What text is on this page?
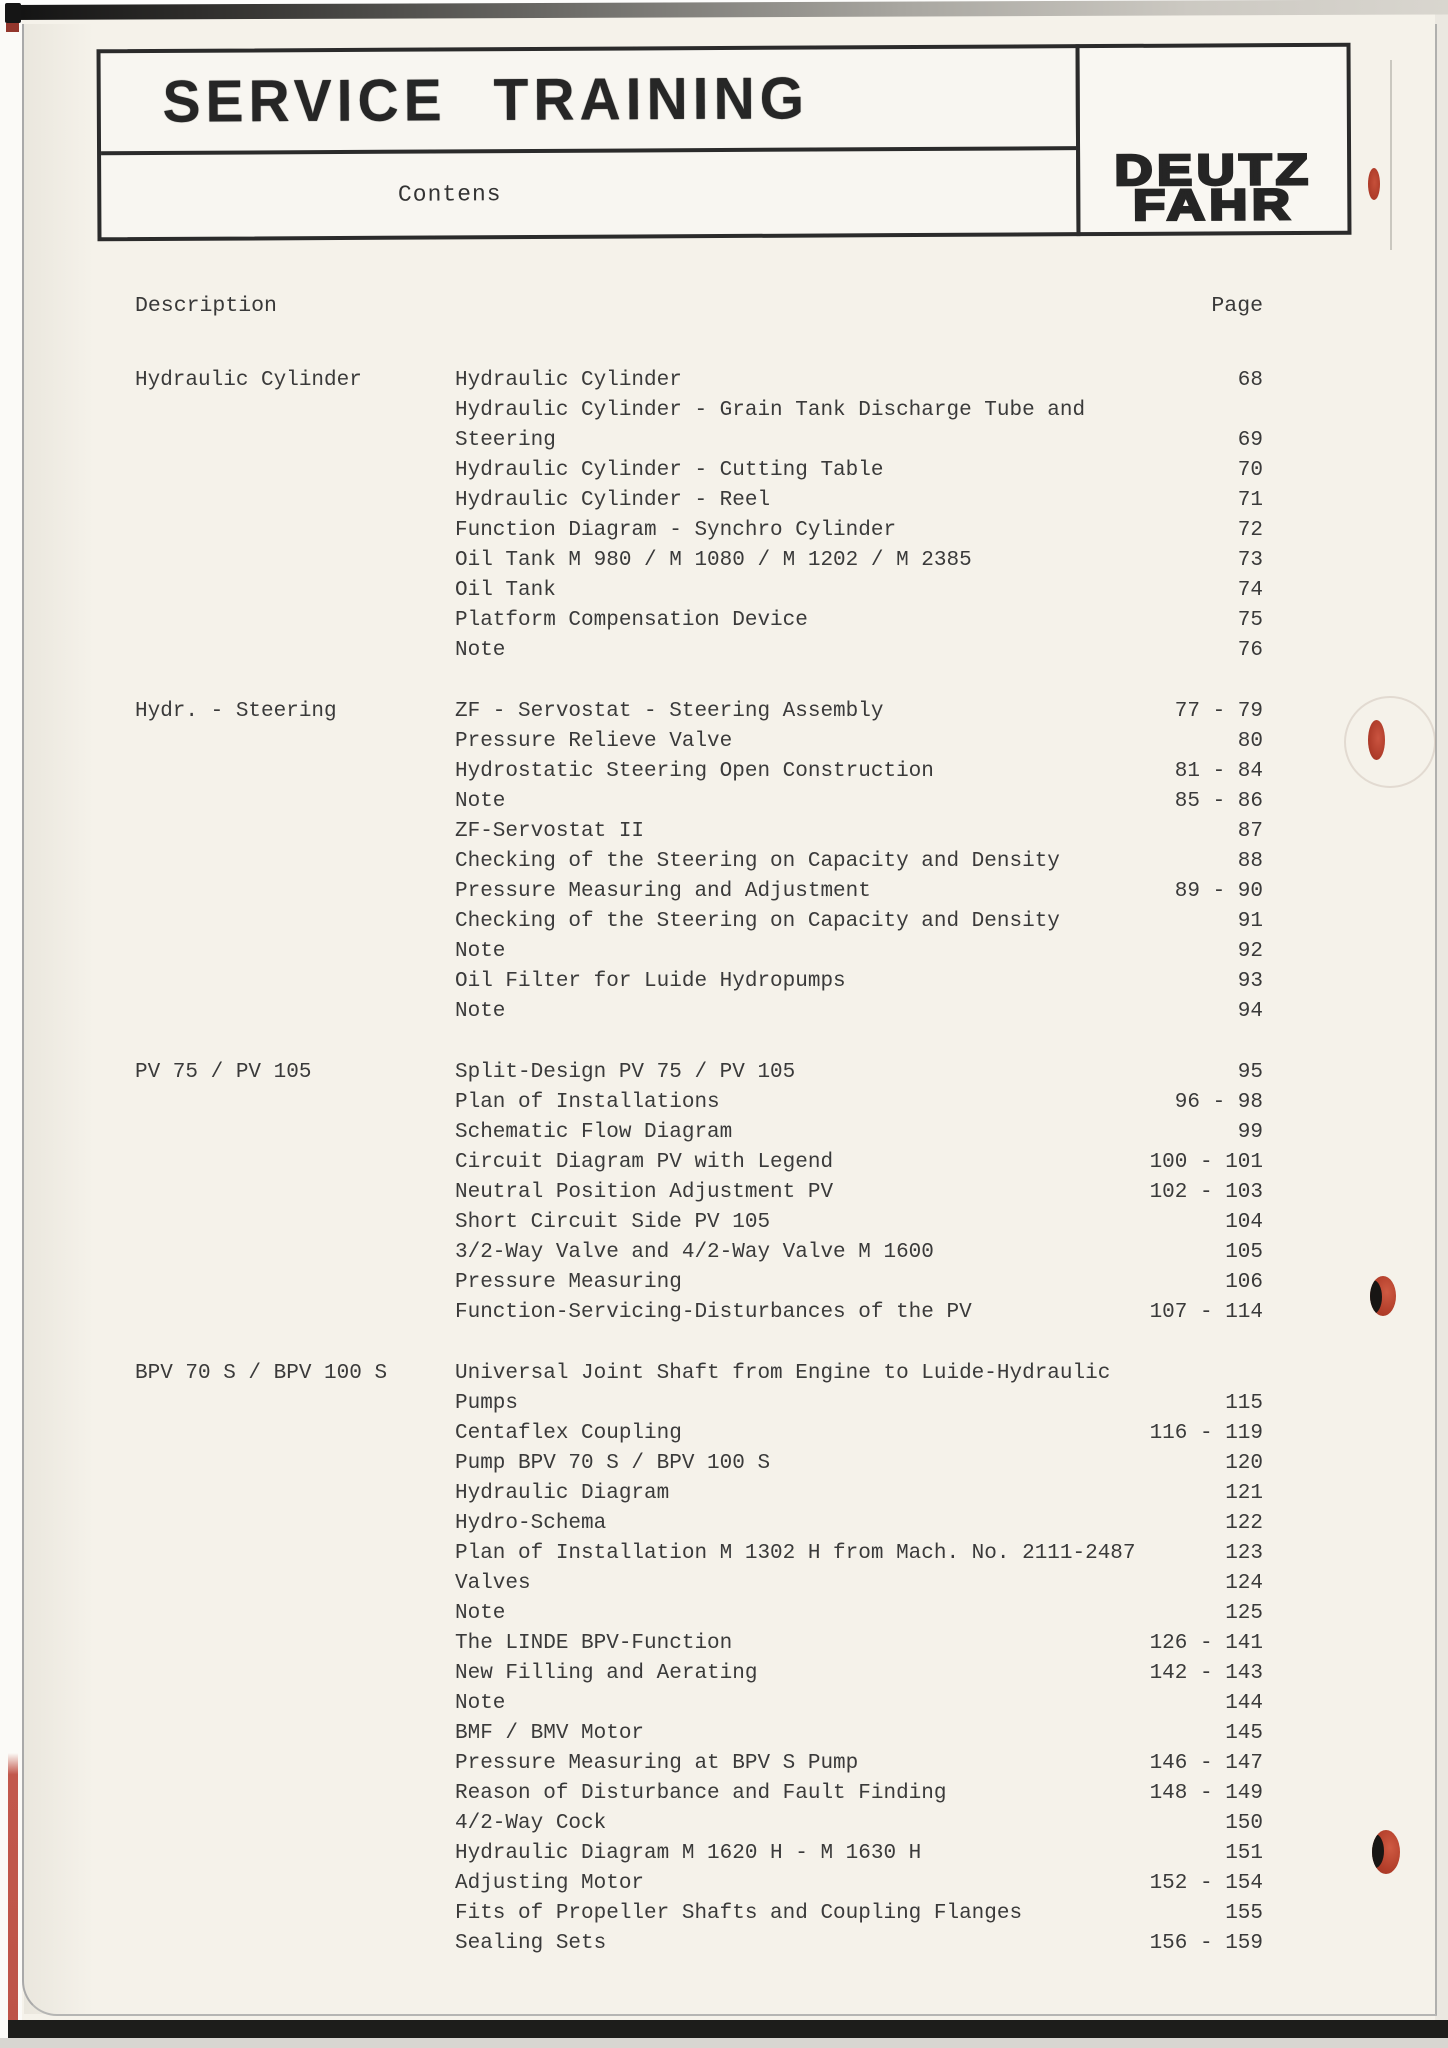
SERVICE TRAINING
Contens
DEUTZ
FAHR
Description	Page
Hydraulic Cylinder	Hydraulic Cylinder	68
Hydraulic Cylinder - Grain Tank Discharge Tube and
Steering	69
Hydraulic Cylinder - Cutting Table	70
Hydraulic Cylinder - Reel	71
Function Diagram - Synchro Cylinder	72
Oil Tank M 980 / M 1080 / M 1202 / M 2385	73
Oil Tank	74
Platform Compensation Device	75
Note	76
Hydr. - Steering	ZF - Servostat - Steering Assembly	77 - 79
Pressure Relieve Valve	80
Hydrostatic Steering Open Construction	81 - 84
Note	85 - 86
ZF-Servostat II	87
Checking of the Steering on Capacity and Density	88
Pressure Measuring and Adjustment	89 - 90
Checking of the Steering on Capacity and Density	91
Note	92
Oil Filter for Luide Hydropumps	93
Note	94
PV 75 / PV 105	Split-Design PV 75 / PV 105	95
Plan of Installations	96 - 98
Schematic Flow Diagram	99
Circuit Diagram PV with Legend	100 - 101
Neutral Position Adjustment PV	102 - 103
Short Circuit Side PV 105	104
3/2-Way Valve and 4/2-Way Valve M 1600	105
Pressure Measuring	106
Function-Servicing-Disturbances of the PV	107 - 114
BPV 70 S / BPV 100 S	Universal Joint Shaft from Engine to Luide-Hydraulic
Pumps	115
Centaflex Coupling	116 - 119
Pump BPV 70 S / BPV 100 S	120
Hydraulic Diagram	121
Hydro-Schema	122
Plan of Installation M 1302 H from Mach. No. 2111-2487	123
Valves	124
Note	125
The LINDE BPV-Function	126 - 141
New Filling and Aerating	142 - 143
Note	144
BMF / BMV Motor	145
Pressure Measuring at BPV S Pump	146 - 147
Reason of Disturbance and Fault Finding	148 - 149
4/2-Way Cock	150
Hydraulic Diagram M 1620 H - M 1630 H	151
Adjusting Motor	152 - 154
Fits of Propeller Shafts and Coupling Flanges	155
Sealing Sets	156 - 159
